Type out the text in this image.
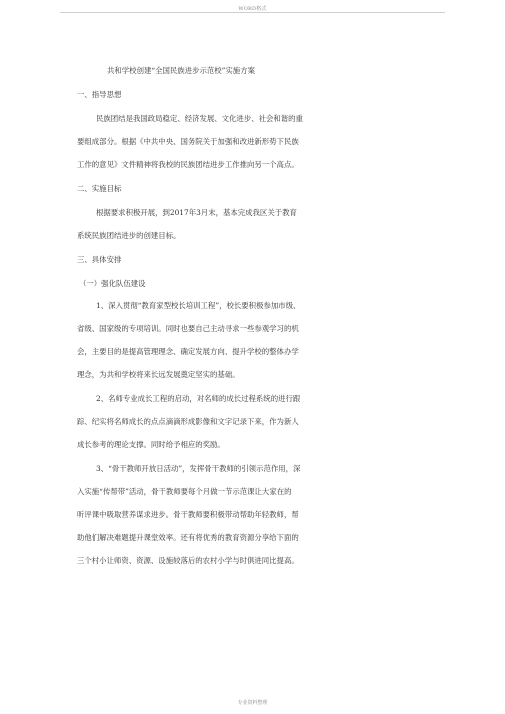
WORD格式
共和学校创建“全国民族进步示范校”实施方案
一、指导思想
民族团结是我国政局稳定、经济发展、文化进步、社会和谐的重
要组成部分。根据《中共中央、国务院关于加强和改进新形势下民族
工作的意见》文件精神将我校的民族团结进步工作推向另一个高点。
二、实施目标
根据要求积极开展，到2017年3月末，基本完成我区关于教育
系统民族团结进步的创建目标。
三、具体安排
（一）强化队伍建设
1、深入贯彻“教育家型校长培训工程”，校长要积极参加市级、
省级、国家级的专项培训。同时也要自己主动寻求一些参观学习的机
会，主要目的是提高管理理念、确定发展方向、提升学校的整体办学
理念，为共和学校将来长远发展奠定坚实的基础。
2、名师专业成长工程的启动，对名师的成长过程系统的进行跟
踪、纪实将名师成长的点点滴滴形成影像和文字记录下来，作为新人
成长参考的理论支撑。同时给予相应的奖励。
3、“骨干教师开放日活动”，发挥骨干教师的引领示范作用，深
入实施“传帮带”活动，骨干教师要每个月做一节示范课让大家在的
听评课中吸取营养谋求进步。骨干教师要积极带动帮助年轻教师，帮
助他们解决难题提升课堂效率。还有将优秀的教育资源分享给下面的
三个村小让师资、资源、设施较落后的农村小学与时俱进同比提高。
专业资料整理
